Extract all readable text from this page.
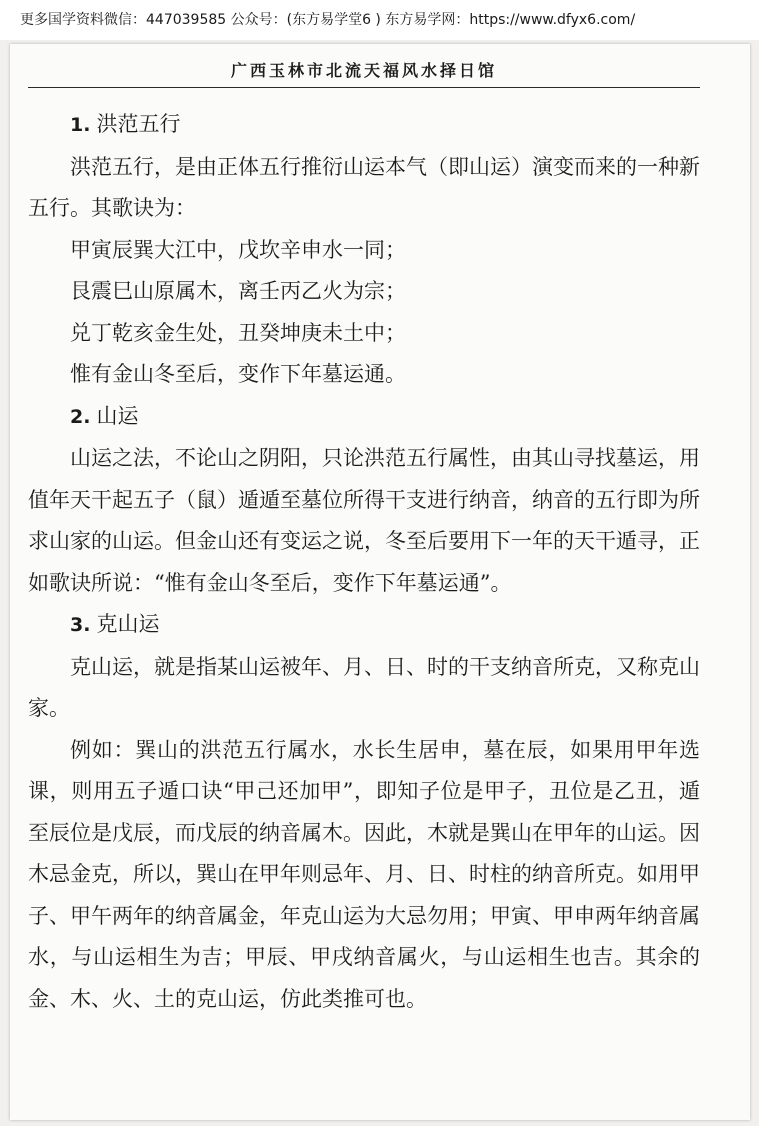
更多国学资料微信：447039585 公众号：(东方易学堂6 ) 东方易学网：https://www.dfyx6.com/
广西玉林市北流天福风水择日馆
1. 洪范五行

洪范五行，是由正体五行推衍山运本气（即山运）演变而来的一种新五行。其歌诀为：

甲寅辰巽大江中，戊坎辛申水一同；

艮震巳山原属木，离壬丙乙火为宗；

兑丁乾亥金生处，丑癸坤庚未土中；

惟有金山冬至后，变作下年墓运通。

2. 山运

山运之法，不论山之阴阳，只论洪范五行属性，由其山寻找墓运，用值年天干起五子（鼠）遁遁至墓位所得干支进行纳音，纳音的五行即为所求山家的山运。但金山还有变运之说，冬至后要用下一年的天干遁寻，正如歌诀所说：“惟有金山冬至后，变作下年墓运通”。

3. 克山运

克山运，就是指某山运被年、月、日、时的干支纳音所克，又称克山家。

例如：巽山的洪范五行属水，水长生居申，墓在辰，如果用甲年选课，则用五子遁口诀“甲己还加甲”，即知子位是甲子，丑位是乙丑，遁至辰位是戊辰，而戊辰的纳音属木。因此，木就是巽山在甲年的山运。因木忌金克，所以，巽山在甲年则忌年、月、日、时柱的纳音所克。如用甲子、甲午两年的纳音属金，年克山运为大忌勿用；甲寅、甲申两年纳音属水，与山运相生为吉；甲辰、甲戌纳音属火，与山运相生也吉。其余的金、木、火、土的克山运，仿此类推可也。
